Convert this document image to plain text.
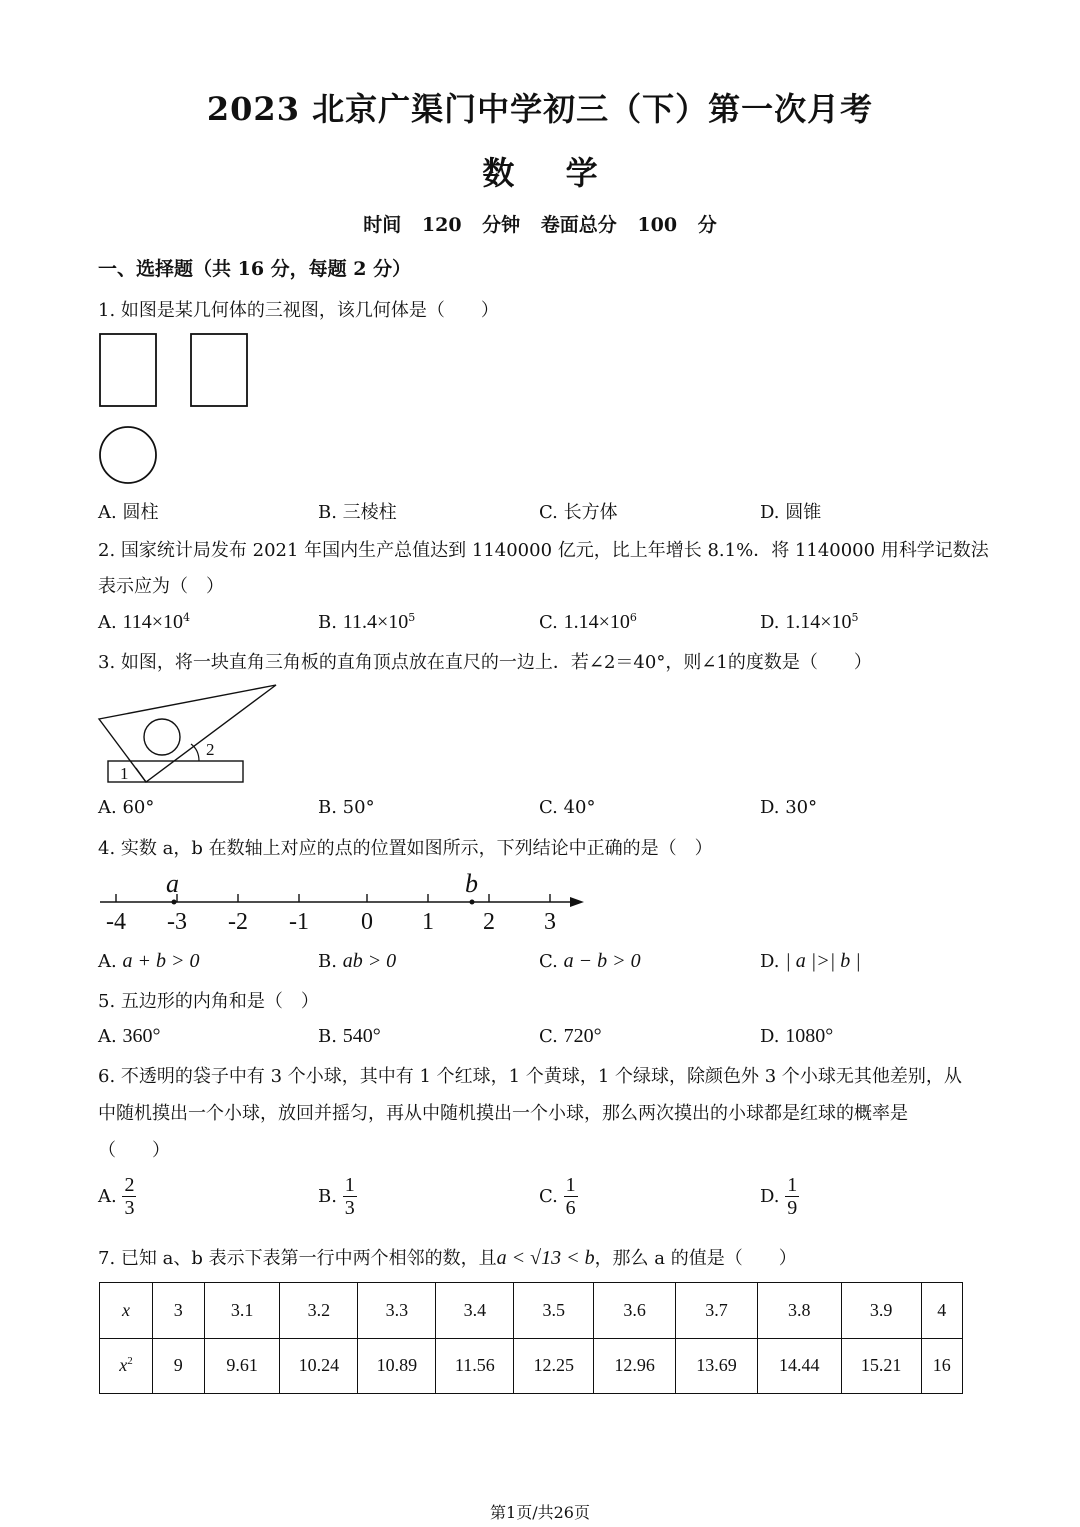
2023 北京广渠门中学初三（下）第一次月考
数 学
时间 120 分钟 卷面总分 100 分
一、选择题（共 16 分，每题 2 分）
1. 如图是某几何体的三视图，该几何体是（　　）
A. 圆柱	B. 三棱柱	C. 长方体	D. 圆锥
2. 国家统计局发布 2021 年国内生产总值达到 1140000 亿元，比上年增长 8.1%．将 1140000 用科学记数法
表示应为（　）
A. $114\times 10^4$	B. $11.4\times 10^5$	C. $1.14\times 10^6$	D. $1.14\times 10^5$
3. 如图，将一块直角三角板的直角顶点放在直尺的一边上．若∠2＝40°，则∠1的度数是（　　）
2
1
A. 60°	B. 50°	C. 40°	D. 30°
4. 实数 a，b 在数轴上对应的点的位置如图所示，下列结论中正确的是（　）
-4 -3 -2 -1 0 1 2 3
a	b
A. a + b > 0	B. ab > 0	C. a − b > 0	D. | a |>| b |
5. 五边形的内角和是（　）
A. 360°	B. 540°	C. 720°	D. 1080°
6. 不透明的袋子中有 3 个小球，其中有 1 个红球，1 个黄球，1 个绿球，除颜色外 3 个小球无其他差别，从
中随机摸出一个小球，放回并摇匀，再从中随机摸出一个小球，那么两次摸出的小球都是红球的概率是
（　　）
A. $\frac{2}{3}$	B. $\frac{1}{3}$	C. $\frac{1}{6}$	D. $\frac{1}{9}$
7. 已知 a、b 表示下表第一行中两个相邻的数，且a < √13 < b，那么 a 的值是（　　）
x	3	3.1	3.2	3.3	3.4	3.5	3.6	3.7	3.8	3.9	4
$x^2$	9	9.61	10.24	10.89	11.56	12.25	12.96	13.69	14.44	15.21	16
第1页/共26页
